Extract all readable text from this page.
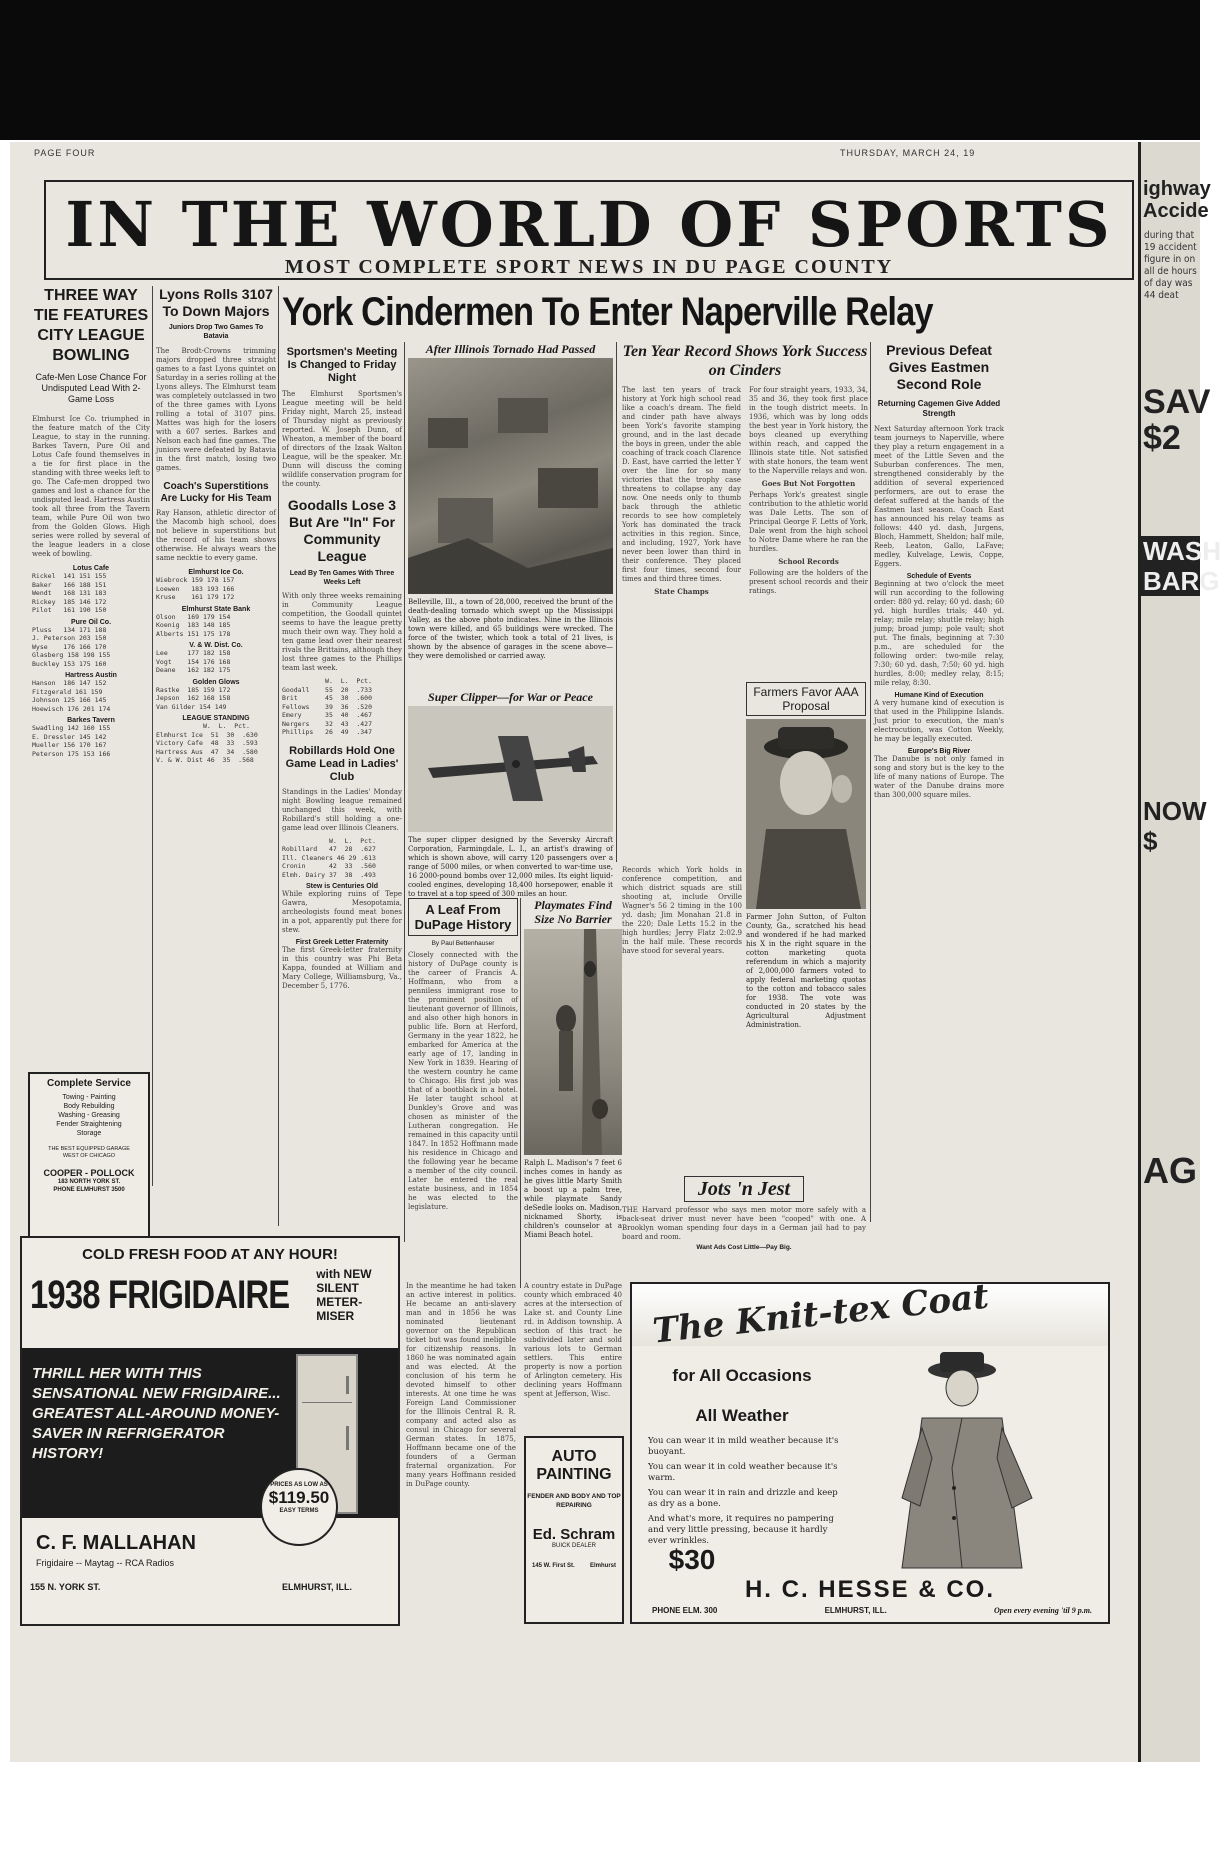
PAGE FOUR	THURSDAY, MARCH 24, 19
IN THE WORLD OF SPORTS
MOST COMPLETE SPORT NEWS IN DU PAGE COUNTY
THREE WAY TIE FEATURES CITY LEAGUE BOWLING
Cafe-Men Lose Chance For Undisputed Lead With 2-Game Loss
Elmhurst Ice Co. triumphed in the feature match of the City League, to stay in the running. Barkes Tavern, Pure Oil and Lotus Cafe found themselves in a tie for first place in the standing with three weeks left to go. The Cafe-men dropped two games and lost a chance for the undisputed lead. Hartress Austin took all three from the Tavern team, while Pure Oil won two from the Golden Glows. High series were rolled by several of the league leaders in a close week of bowling.
Lotus Cafe
Rickel  141 151 155
Baker   166 188 151
Wendt   168 131 183
Rickey  185 146 172
Pilot   161 190 150
Pure Oil Co.
Pluss   134 171 188
J. Peterson 203 150
Wyse    176 166 170
Glasberg 158 198 155
Buckley 153 175 160
Hartress Austin
Hanson  186 147 152
Fitzgerald 161 159
Johnson 125 166 145
Hoewisch 176 201 174
Barkes Tavern
Swadling 142 160 155
E. Dressler 145 142
Mueller 156 170 167
Peterson 175 153 166
Complete Service
Towing - Painting
Body Rebuilding
Washing - Greasing
Fender Straightening
Storage
THE BEST EQUIPPED GARAGE WEST OF CHICAGO
COOPER - POLLOCK
183 NORTH YORK ST.
PHONE ELMHURST 3500
Lyons Rolls 3107 To Down Majors
Juniors Drop Two Games To Batavia
The Brodt-Crowns trimming majors dropped three straight games to a fast Lyons quintet on Saturday in a series rolling at the Lyons alleys. The Elmhurst team was completely outclassed in two of the three games with Lyons rolling a total of 3107 pins. Mattes was high for the losers with a 607 series. Barkes and Nelson each had fine games. The juniors were defeated by Batavia in the first match, losing two games.
Coach's Superstitions Are Lucky for His Team
Ray Hanson, athletic director of the Macomb high school, does not believe in superstitions but the record of his team shows otherwise. He always wears the same necktie to every game.
Elmhurst Ice Co.
Wiebrock 159 178 157
Loewen   183 193 166
Kruse    161 179 172
Elmhurst State Bank
Olson   169 179 154
Koenig  183 148 185
Alberts 151 175 178
V. & W. Dist. Co.
Lee     177 182 158
Vogt    154 176 168
Deane   162 182 175
Golden Glows
Rastke  185 159 172
Jepson  162 168 158
Van Gilder 154 149
LEAGUE STANDING
W.  L.  Pct.
Elmhurst Ice  51  30  .630
Victory Cafe  48  33  .593
Hartress Aus  47  34  .580
V. & W. Dist 46  35  .568
York Cindermen To Enter Naperville Relay
Sportsmen's Meeting Is Changed to Friday Night
The Elmhurst Sportsmen's League meeting will be held Friday night, March 25, instead of Thursday night as previously reported. W. Joseph Dunn, of Wheaton, a member of the board of directors of the Izaak Walton League, will be the speaker. Mr. Dunn will discuss the coming wildlife conservation program for the county.
Goodalls Lose 3 But Are "In" For Community League
Lead By Ten Games With Three Weeks Left
With only three weeks remaining in Community League competition, the Goodall quintet seems to have the league pretty much their own way. They hold a ten game lead over their nearest rivals the Brittains, although they lost three games to the Phillips team last week.
W.  L.  Pct.
Goodall    55  20  .733
Brit       45  30  .600
Fellows    39  36  .520
Emery      35  40  .467
Nergers    32  43  .427
Phillips   26  49  .347
Robillards Hold One Game Lead in Ladies' Club
Standings in the Ladies' Monday night Bowling league remained unchanged this week, with Robillard's still holding a one-game lead over Illinois Cleaners.
W.  L.  Pct.
Robillard   47  28  .627
Ill. Cleaners 46 29 .613
Cronin      42  33  .560
Elmh. Dairy 37  38  .493
Stew is Centuries Old
While exploring ruins of Tepe Gawra, Mesopotamia, archeologists found meat bones in a pot, apparently put there for stew.
First Greek Letter Fraternity
The first Greek-letter fraternity in this country was Phi Beta Kappa, founded at William and Mary College, Williamsburg, Va., December 5, 1776.
After Illinois Tornado Had Passed
Belleville, Ill., a town of 28,000, received the brunt of the death-dealing tornado which swept up the Mississippi Valley, as the above photo indicates. Nine in the Illinois town were killed, and 65 buildings were wrecked. The force of the twister, which took a total of 21 lives, is shown by the absence of garages in the scene above—they were demolished or carried away.
Super Clipper—for War or Peace
The super clipper designed by the Seversky Aircraft Corporation, Farmingdale, L. I., an artist's drawing of which is shown above, will carry 120 passengers over a range of 5000 miles, or when converted to war-time use, 16 2000-pound bombs over 12,000 miles. Its eight liquid-cooled engines, developing 18,400 horsepower, enable it to travel at a top speed of 300 miles an hour.
A Leaf From DuPage History
By Paul Bettenhauser
Closely connected with the history of DuPage county is the career of Francis A. Hoffmann, who from a penniless immigrant rose to the prominent position of lieutenant governor of Illinois, and also other high honors in public life. Born at Herford, Germany in the year 1822, he embarked for America at the early age of 17, landing in New York in 1839. Hearing of the western country he came to Chicago. His first job was that of a bootblack in a hotel. He later taught school at Dunkley's Grove and was chosen as minister of the Lutheran congregation. He remained in this capacity until 1847. In 1852 Hoffmann made his residence in Chicago and the following year he became a member of the city council. Later he entered the real estate business, and in 1854 he was elected to the legislature.
Playmates Find Size No Barrier
Ralph L. Madison's 7 feet 6 inches comes in handy as he gives little Marty Smith a boost up a palm tree, while playmate Sandy deSedle looks on. Madison, nicknamed Shorty, is children's counselor at a Miami Beach hotel.
Ten Year Record Shows York Success on Cinders
The last ten years of track history at York high school read like a coach's dream. The field and cinder path have always been York's favorite stamping ground, and in the last decade the boys in green, under the able coaching of track coach Clarence D. East, have carried the letter Y over the line for so many victories that the trophy case threatens to collapse any day now. One needs only to thumb back through the athletic records to see how completely York has dominated the track activities in this region. Since, and including, 1927, York have never been lower than third in their conference. They placed first four times, second four times and third three times.
State Champs
For four straight years, 1933, 34, 35 and 36, they took first place in the tough district meets. In 1936, which was by long odds the best year in York history, the boys cleaned up everything within reach, and capped the Illinois state title. Not satisfied with state honors, the team went to the Naperville relays and won.
Goes But Not Forgotten
Perhaps York's greatest single contribution to the athletic world was Dale Letts. The son of Principal George F. Letts of York, Dale went from the high school to Notre Dame where he ran the hurdles.
School Records
Following are the holders of the present school records and their ratings.
Farmers Favor AAA Proposal
Farmer John Sutton, of Fulton County, Ga., scratched his head and wondered if he had marked his X in the right square in the cotton marketing quota referendum in which a majority of 2,000,000 farmers voted to apply federal marketing quotas to the cotton and tobacco sales for 1938. The vote was conducted in 20 states by the Agricultural Adjustment Administration.
Records which York holds in conference competition, and which district squads are still shooting at, include Orville Wagner's 56 2 timing in the 100 yd. dash; Jim Monahan 21.8 in the 220; Dale Letts 15.2 in the high hurdles; Jerry Flatz 2:02.9 in the half mile. These records have stood for several years.
Jots 'n Jest
THE Harvard professor who says men motor more safely with a back-seat driver must never have been "cooped" with one. A Brooklyn woman spending four days in a German jail had to pay board and room.
Want Ads Cost Little—Pay Big.
Previous Defeat Gives Eastmen Second Role
Returning Cagemen Give Added Strength
Next Saturday afternoon York track team journeys to Naperville, where they play a return engagement in a meet of the Little Seven and the Suburban conferences. The men, strengthened considerably by the addition of several experienced performers, are out to erase the defeat suffered at the hands of the Eastmen last season. Coach East has announced his relay teams as follows: 440 yd. dash, Jurgens, Bloch, Hammett, Sheldon; half mile, Reeb, Leaton, Gallo, LaFave; medley, Kulvelage, Lewis, Coppe, Eggers.
Schedule of Events
Beginning at two o'clock the meet will run according to the following order: 880 yd. relay; 60 yd. dash; 60 yd. high hurdles trials; 440 yd. relay; mile relay; shuttle relay; high jump; broad jump; pole vault; shot put. The finals, beginning at 7:30 p.m., are scheduled for the following order: two-mile relay, 7:30; 60 yd. dash, 7:50; 60 yd. high hurdles, 8:00; medley relay, 8:15; mile relay, 8:30.
Humane Kind of Execution
A very humane kind of execution is that used in the Philippine Islands. Just prior to execution, the man's electrocution, was Cotton Weekly, he may be legally executed.
Europe's Big River
The Danube is not only famed in song and story but is the key to the life of many nations of Europe. The water of the Danube drains more than 300,000 square miles.
COLD FRESH FOOD AT ANY HOUR!
1938 FRIGIDAIRE with NEW SILENT METER-MISER
THRILL HER WITH THIS SENSATIONAL NEW FRIGIDAIRE... GREATEST ALL-AROUND MONEY-SAVER IN REFRIGERATOR HISTORY!
PRICES AS LOW AS
$119.50
EASY TERMS
C. F. MALLAHAN
Frigidaire -- Maytag -- RCA Radios
155 N. YORK ST.	ELMHURST, ILL.
In the meantime he had taken an active interest in politics. He became an anti-slavery man and in 1856 he was nominated lieutenant governor on the Republican ticket but was found ineligible for citizenship reasons. In 1860 he was nominated again and was elected. At the conclusion of his term he devoted himself to other interests. At one time he was Foreign Land Commissioner for the Illinois Central R. R. company and acted also as consul in Chicago for several German states. In 1875, Hoffmann became one of the founders of a German fraternal organization. For many years Hoffmann resided in DuPage county.
A country estate in DuPage county which embraced 40 acres at the intersection of Lake st. and County Line rd. in Addison township. A section of this tract he subdivided later and sold various lots to German settlers. This entire property is now a portion of Arlington cemetery. His declining years Hoffmann spent at Jefferson, Wisc.
AUTO PAINTING
FENDER AND BODY AND TOP REPAIRING
Ed. Schram
BUICK DEALER
145 W. First St.	Elmhurst
The Knit-tex Coat
for All Occasions
All Weather
You can wear it in mild weather because it's buoyant.
You can wear it in cold weather because it's warm.
You can wear it in rain and drizzle and keep as dry as a bone.
And what's more, it requires no pampering and very little pressing, because it hardly ever wrinkles.
$30
H. C. HESSE & CO.
PHONE ELM. 300	ELMHURST, ILL.	Open every evening 'til 9 p.m.
ighway Accide
during that 19 accident figure in on all de hours of day was 44 deat
SAV $2
WASH BARG
NOW $
AG
